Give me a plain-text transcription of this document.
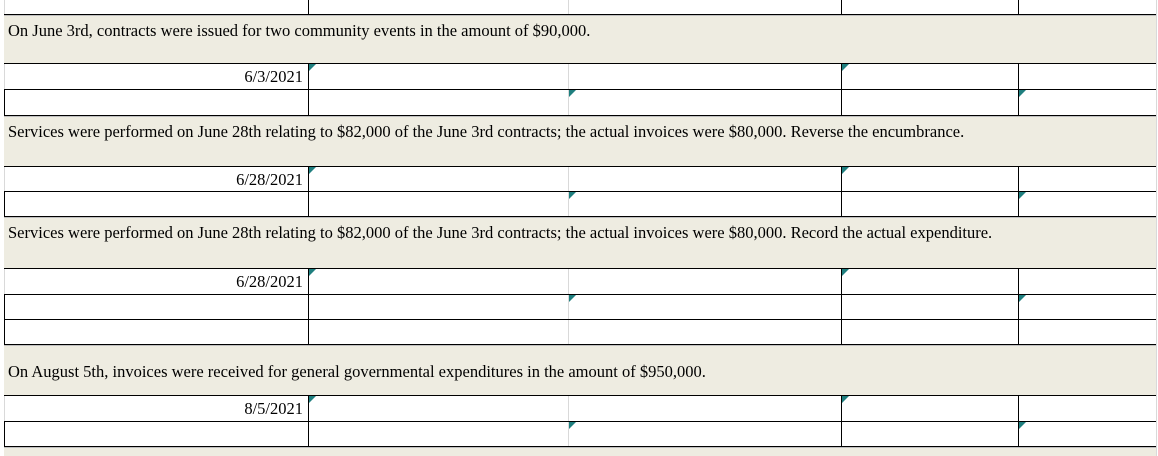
On June 3rd, contracts were issued for two community events in the amount of $90,000.
6/3/2021
Services were performed on June 28th relating to $82,000 of the June 3rd contracts; the actual invoices were $80,000. Reverse the encumbrance.
6/28/2021
Services were performed on June 28th relating to $82,000 of the June 3rd contracts; the actual invoices were $80,000. Record the actual expenditure.
6/28/2021
On August 5th, invoices were received for general governmental expenditures in the amount of $950,000.
8/5/2021
